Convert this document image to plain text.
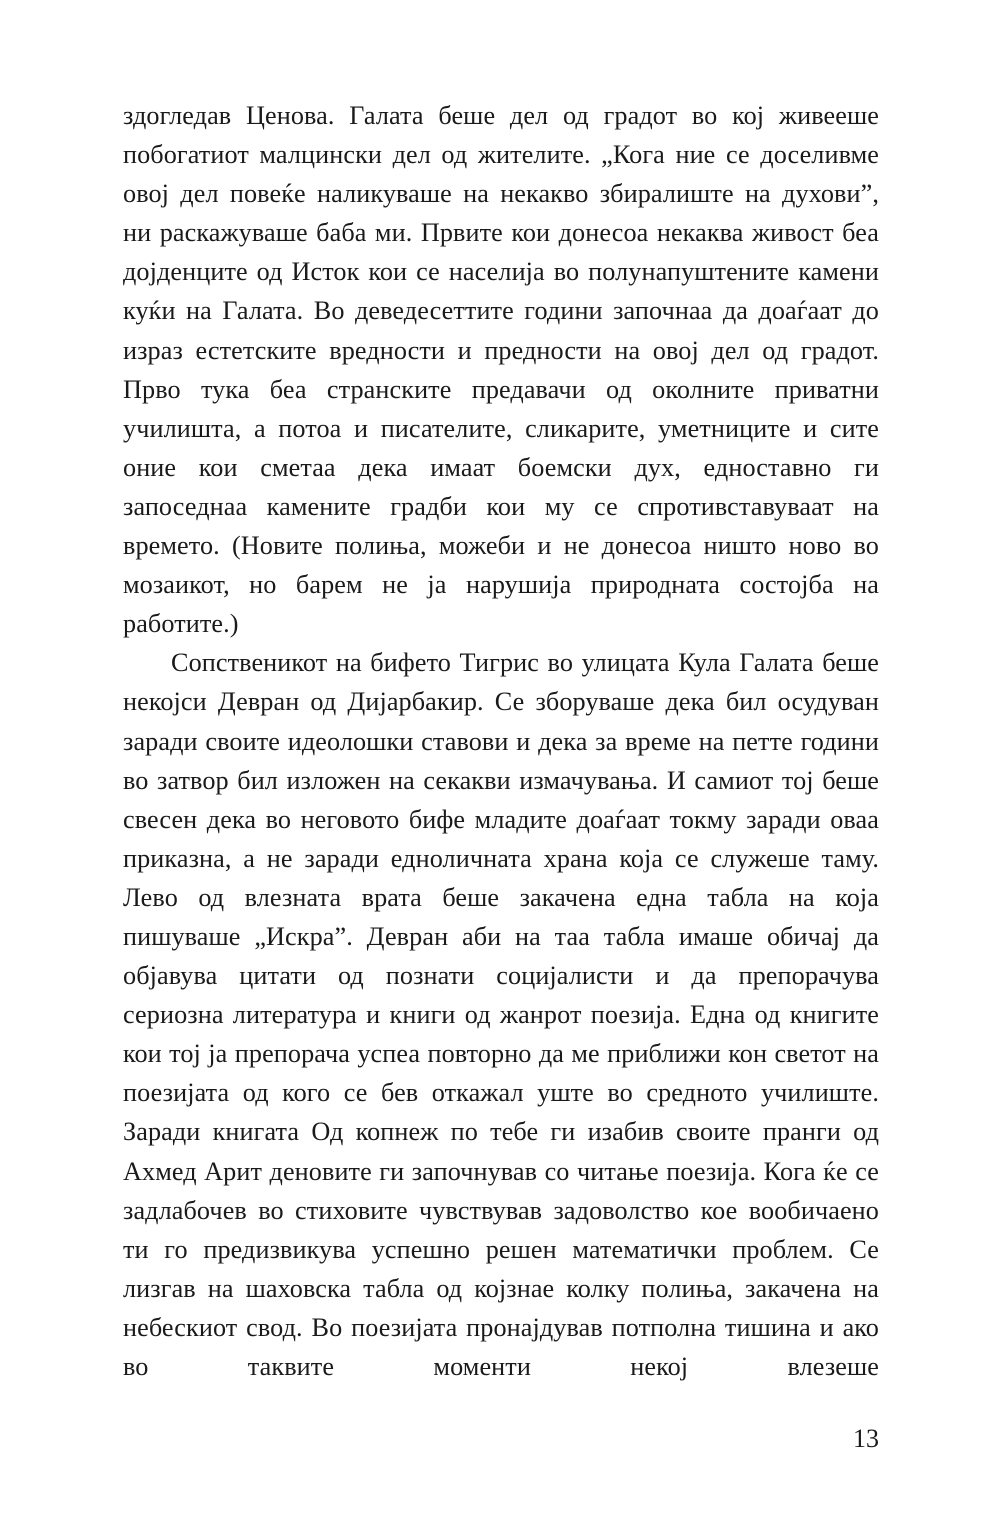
здогледав Ценова. Галата беше дел од градот во кој живееше побогатиот малцински дел од жителите. „Кога ние се доселивме овој дел повеќе наликуваше на некакво збиралиште на духови”, ни раскажуваше баба ми. Првите кои донесоа некаква живост беа дојденците од Исток кои се населија во полунапуштените камени куќи на Галата. Во деведесеттите години започнаа да доаѓаат до израз естетските вредности и предности на овој дел од градот. Прво тука беа странските предавачи од околните приватни училишта, а потоа и писателите, сликарите, уметниците и сите оние кои сметаа дека имаат боемски дух, едноставно ги запоседнаа камените градби кои му се спротивставуваат на времето. (Новите полиња, можеби и не донесоа ништо ново во мозаикот, но барем не ја нарушија природната состојба на работите.)

Сопственикот на бифето Тигрис во улицата Кула Галата беше некојси Девран од Дијарбакир. Се зборуваше дека бил осудуван заради своите идеолошки ставови и дека за време на петте години во затвор бил изложен на секакви измачувања. И самиот тој беше свесен дека во неговото бифе младите доаѓаат токму заради оваа приказна, а не заради едноличната храна која се служеше таму. Лево од влезната врата беше закачена една табла на која пишуваше „Искра”. Девран аби на таа табла имаше обичај да објавува цитати од познати социјалисти и да препорачува сериозна литература и книги од жанрот поезија. Една од книгите кои тој ја препорача успеа повторно да ме приближи кон светот на поезијата од кого се бев откажал уште во средното училиште. Заради книгата Од копнеж по тебе ги изабив своите пранги од Ахмед Арит деновите ги започнував со читање поезија. Кога ќе се задлабочев во стиховите чувствував задоволство кое вообичаено ти го предизвикува успешно решен математички проблем. Се лизгав на шаховска табла од којзнае колку полиња, закачена на небескиот свод. Во поезијата пронајдував потполна тишина и ако во таквите моменти некој влезеше

13
